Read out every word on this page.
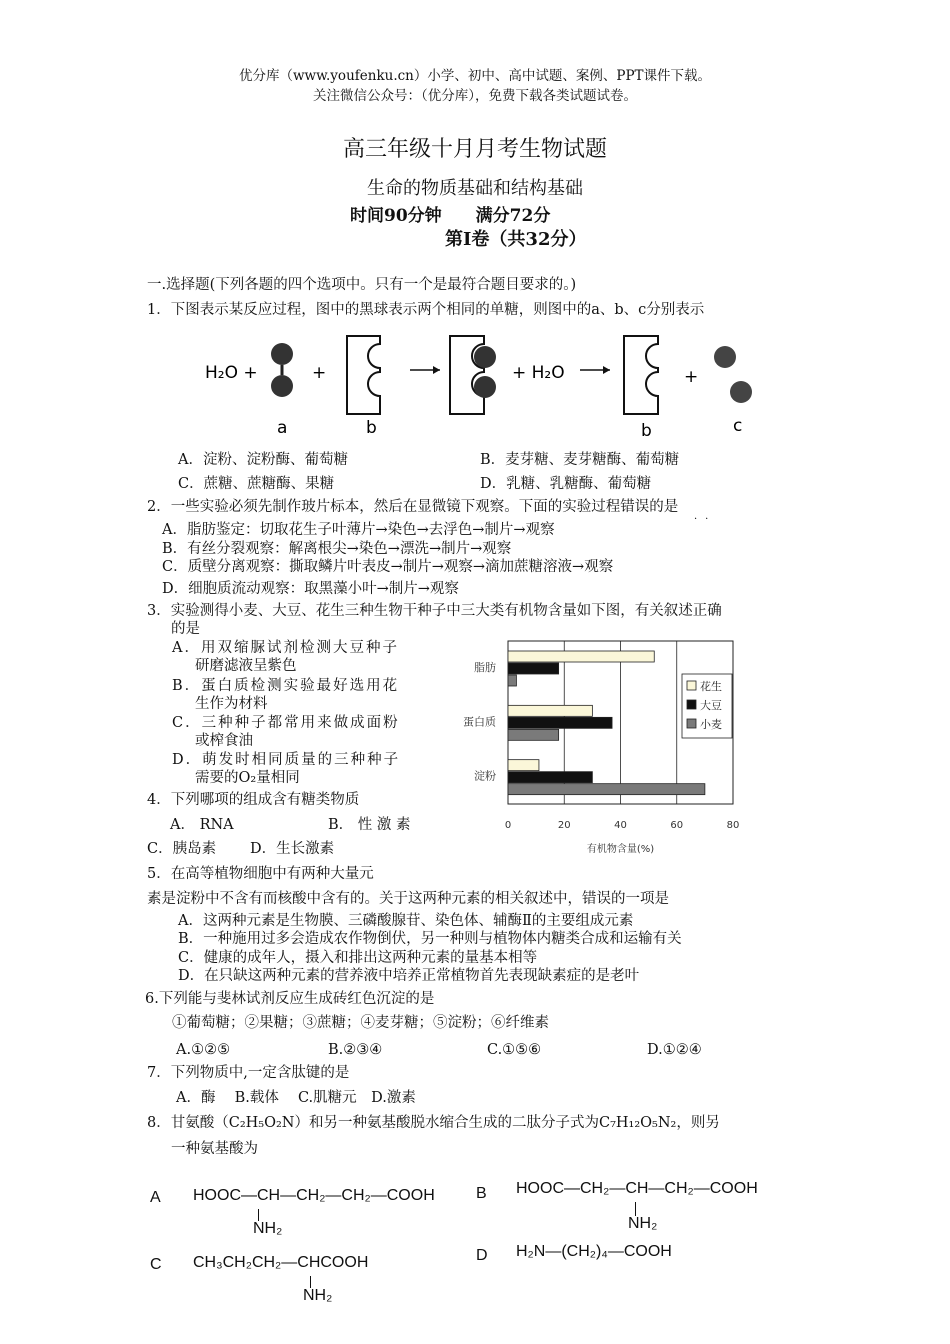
优分库（www.youfenku.cn）小学、初中、高中试题、案例、PPT课件下载。
关注微信公众号：（优分库），免费下载各类试题试卷。
高三年级十月月考生物试题
生命的物质基础和结构基础
时间90分钟　　满分72分
第Ⅰ卷（共32分）
一.选择题(下列各题的四个选项中。只有一个是最符合题目要求的。)
1．下图表示某反应过程，图中的黑球表示两个相同的单糖，则图中的a、b、c分别表示
H₂O +	+	+ H₂O	+
a	b	b	c
A．淀粉、淀粉酶、葡萄糖	B．麦芽糖、麦芽糖酶、葡萄糖
C．蔗糖、蔗糖酶、果糖	D．乳糖、乳糖酶、葡萄糖
2．一些实验必须先制作玻片标本，然后在显微镜下观察。下面的实验过程错误的是
··
A．脂肪鉴定：切取花生子叶薄片→染色→去浮色→制片→观察
B．有丝分裂观察：解离根尖→染色→漂洗→制片→观察
C．质壁分离观察：撕取鳞片叶表皮→制片→观察→滴加蔗糖溶液→观察
D．细胞质流动观察：取黑藻小叶→制片→观察
3．实验测得小麦、大豆、花生三种生物干种子中三大类有机物含量如下图，有关叙述正确
的是
A．用双缩脲试剂检测大豆种子
研磨滤液呈紫色
B．蛋白质检测实验最好选用花
生作为材料
C．三种种子都常用来做成面粉
或榨食油
D．萌发时相同质量的三种种子
需要的O₂量相同
0	20	40	60	80
脂肪
蛋白质
淀粉
有机物含量(%)
花生
大豆
小麦
4．下列哪项的组成含有糖类物质
A． RNA	B． 性 激 素
C．胰岛素 D．生长激素
5．在高等植物细胞中有两种大量元
素是淀粉中不含有而核酸中含有的。关于这两种元素的相关叙述中，错误的一项是
A．这两种元素是生物膜、三磷酸腺苷、染色体、辅酶Ⅱ的主要组成元素
B．一种施用过多会造成农作物倒伏，另一种则与植物体内糖类合成和运输有关
C．健康的成年人，摄入和排出这两种元素的量基本相等
D．在只缺这两种元素的营养液中培养正常植物首先表现缺素症的是老叶
6.下列能与斐林试剂反应生成砖红色沉淀的是
①葡萄糖；②果糖；③蔗糖；④麦芽糖；⑤淀粉；⑥纤维素
A.①②⑤	B.②③④	C.①⑤⑥	D.①②④
7．下列物质中,一定含肽键的是
A．酶　 B.载体　 C.肌糖元　D.激素
8．甘氨酸（C₂H₅O₂N）和另一种氨基酸脱水缩合生成的二肽分子式为C₇H₁₂O₅N₂，则另
一种氨基酸为
A HOOC—CH—CH₂—CH₂—COOH
NH₂
B HOOC—CH₂—CH—CH₂—COOH
NH₂
C CH₃CH₂CH₂—CHCOOH
NH₂
D H₂N—(CH₂)₄—COOH
